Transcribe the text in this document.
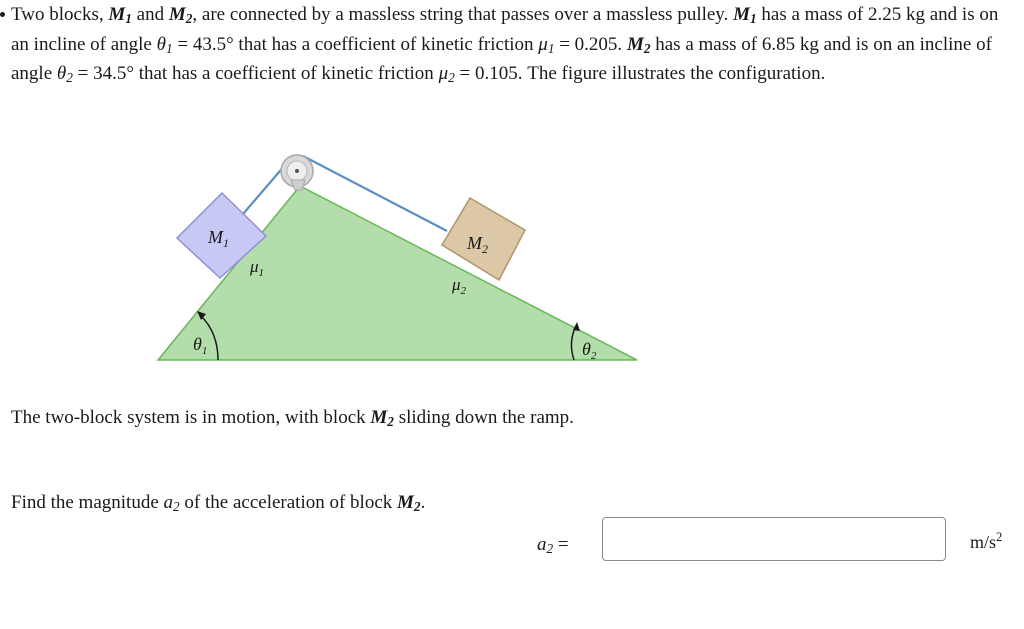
Two blocks, $M_1$ and $M_2$, are connected by a massless string that passes over a massless pulley. $M_1$ has a mass of 2.25 kg and is on an incline of angle $\theta_1 = 43.5^\circ$ that has a coefficient of kinetic friction $\mu_1 = 0.205$. $M_2$ has a mass of 6.85 kg and is on an incline of angle $\theta_2 = 34.5^\circ$ that has a coefficient of kinetic friction $\mu_2 = 0.105$. The figure illustrates the configuration.

$M_1$	$M_2$
$\mu_1$
$\mu_2$
$\theta_1$	$\theta_2$
The two-block system is in motion, with block $M_2$ sliding down the ramp.
Find the magnitude $a_2$ of the acceleration of block $M_2$.
$a_2$ =	$m/s^2$
